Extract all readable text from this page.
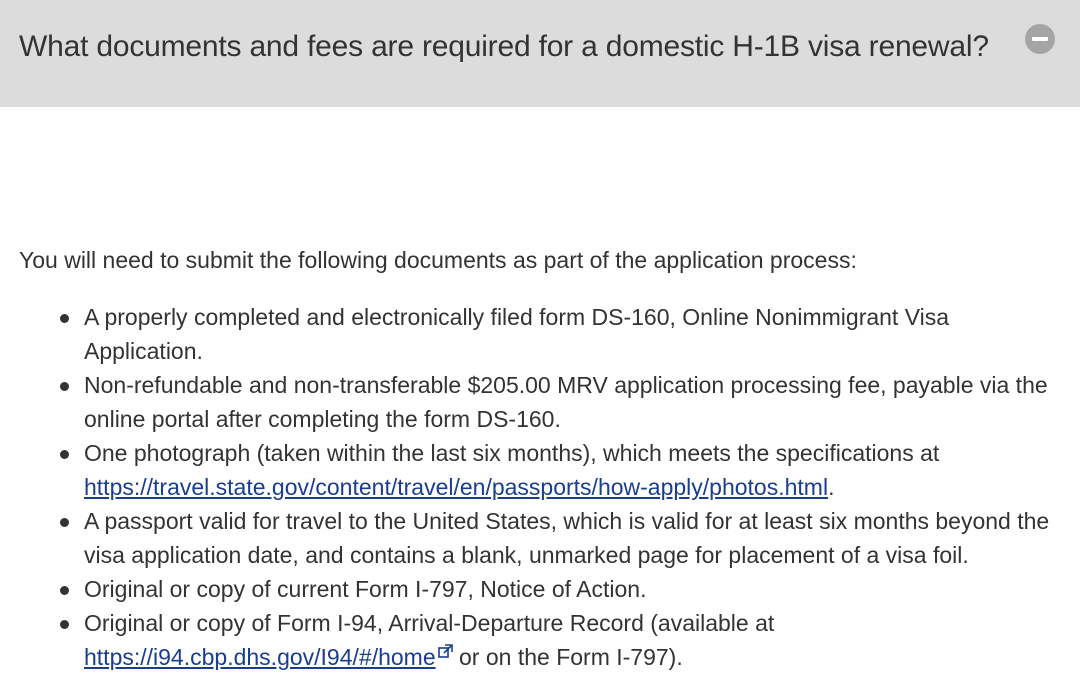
What documents and fees are required for a domestic H-1B visa renewal?

You will need to submit the following documents as part of the application process:

A properly completed and electronically filed form DS-160, Online Nonimmigrant Visa Application.
Non-refundable and non-transferable $205.00 MRV application processing fee, payable via the online portal after completing the form DS-160.
One photograph (taken within the last six months), which meets the specifications at https://travel.state.gov/content/travel/en/passports/how-apply/photos.html.
A passport valid for travel to the United States, which is valid for at least six months beyond the visa application date, and contains a blank, unmarked page for placement of a visa foil.
Original or copy of current Form I-797, Notice of Action.
Original or copy of Form I-94, Arrival-Departure Record (available at https://i94.cbp.dhs.gov/I94/#/home or on the Form I-797).
